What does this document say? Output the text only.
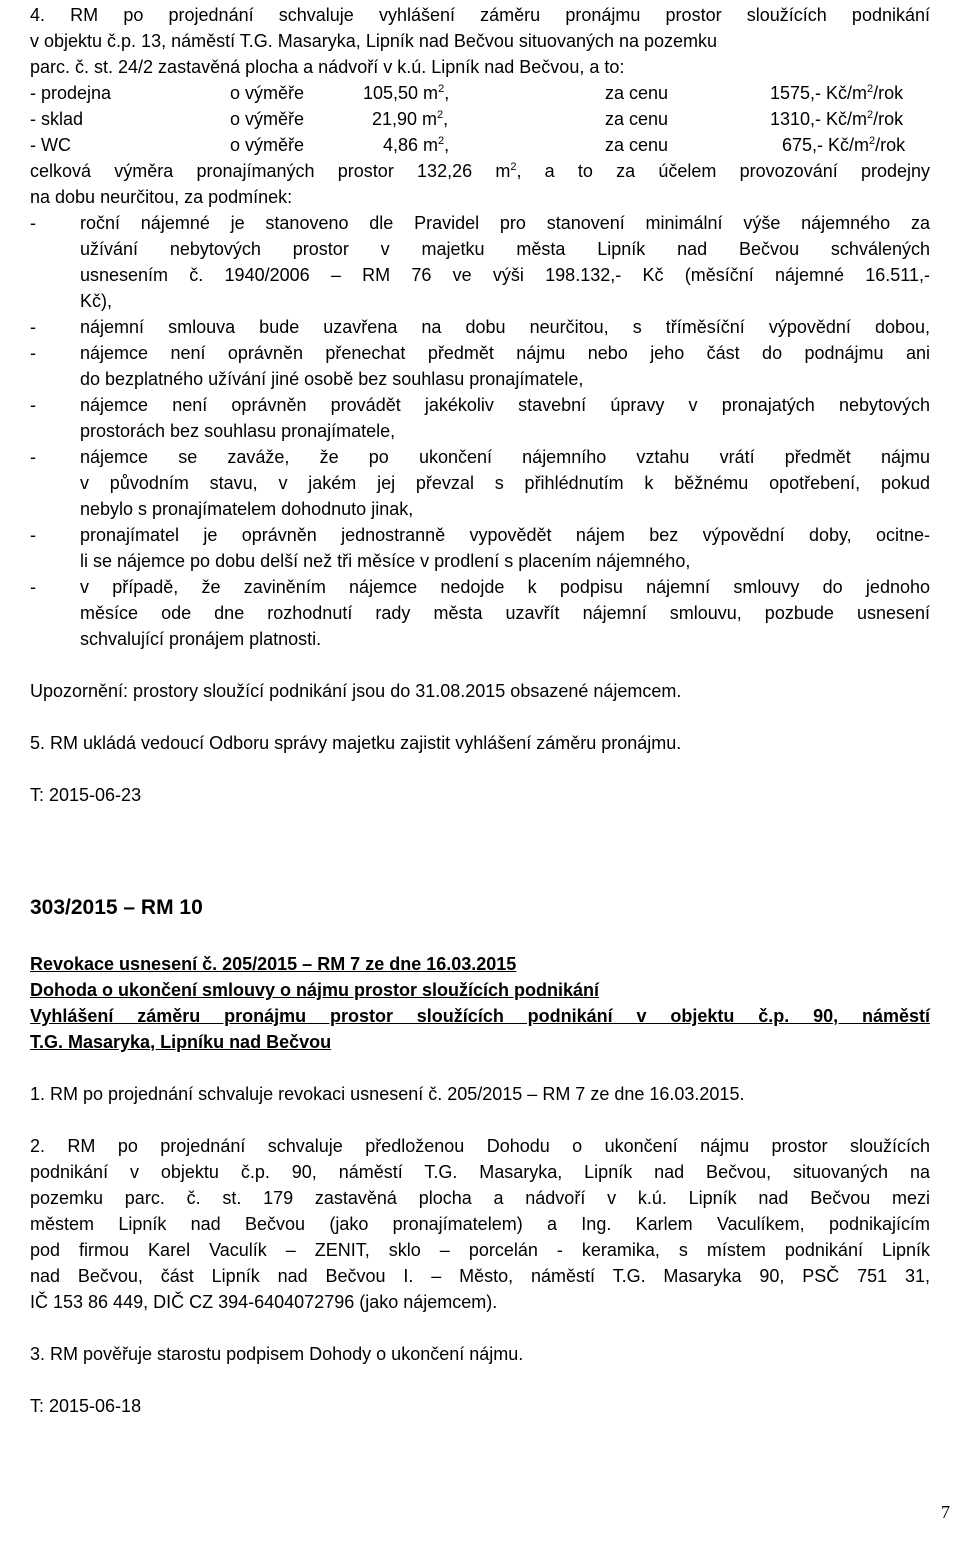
4. RM po projednání schvaluje vyhlášení záměru pronájmu prostor sloužících podnikání
v objektu č.p. 13, náměstí T.G. Masaryka, Lipník nad Bečvou situovaných na pozemku
parc. č. st. 24/2 zastavěná plocha a nádvoří v k.ú. Lipník nad Bečvou, a to:
- prodejna	o výměře	105,50 $m^2$,	za cenu	1575,- $Kč/m^2$/rok
- sklad	o výměře	21,90 $m^2$,	za cenu	1310,- $Kč/m^2$/rok
- WC	o výměře	4,86 $m^2$,	za cenu	675,- $Kč/m^2$/rok
celková výměra pronajímaných prostor 132,26 $m^2$, a to za účelem provozování prodejny
na dobu neurčitou, za podmínek:
- roční nájemné je stanoveno dle Pravidel pro stanovení minimální výše nájemného za
užívání nebytových prostor v majetku města Lipník nad Bečvou schválených
usnesením č. 1940/2006 – RM 76 ve výši 198.132,- Kč (měsíční nájemné 16.511,-
Kč),
- nájemní smlouva bude uzavřena na dobu neurčitou, s tříměsíční výpovědní dobou,
- nájemce není oprávněn přenechat předmět nájmu nebo jeho část do podnájmu ani
do bezplatného užívání jiné osobě bez souhlasu pronajímatele,
- nájemce není oprávněn provádět jakékoliv stavební úpravy v pronajatých nebytových
prostorách bez souhlasu pronajímatele,
- nájemce se zaváže, že po ukončení nájemního vztahu vrátí předmět nájmu
v původním stavu, v jakém jej převzal s přihlédnutím k běžnému opotřebení, pokud
nebylo s pronajímatelem dohodnuto jinak,
- pronajímatel je oprávněn jednostranně vypovědět nájem bez výpovědní doby, ocitne-
li se nájemce po dobu delší než tři měsíce v prodlení s placením nájemného,
- v případě, že zaviněním nájemce nedojde k podpisu nájemní smlouvy do jednoho
měsíce ode dne rozhodnutí rady města uzavřít nájemní smlouvu, pozbude usnesení
schvalující pronájem platnosti.
Upozornění: prostory sloužící podnikání jsou do 31.08.2015 obsazené nájemcem.
5. RM ukládá vedoucí Odboru správy majetku zajistit vyhlášení záměru pronájmu.
T: 2015-06-23
303/2015 – RM 10
Revokace usnesení č. 205/2015 – RM 7 ze dne 16.03.2015
Dohoda o ukončení smlouvy o nájmu prostor sloužících podnikání
Vyhlášení záměru pronájmu prostor sloužících podnikání v objektu č.p. 90, náměstí
T.G. Masaryka, Lipníku nad Bečvou
1. RM po projednání schvaluje revokaci usnesení č. 205/2015 – RM 7 ze dne 16.03.2015.
2. RM po projednání schvaluje předloženou Dohodu o ukončení nájmu prostor sloužících
podnikání v objektu č.p. 90, náměstí T.G. Masaryka, Lipník nad Bečvou, situovaných na
pozemku parc. č. st. 179 zastavěná plocha a nádvoří v k.ú. Lipník nad Bečvou mezi
městem Lipník nad Bečvou (jako pronajímatelem) a Ing. Karlem Vaculíkem, podnikajícím
pod firmou Karel Vaculík – ZENIT, sklo – porcelán - keramika, s místem podnikání Lipník
nad Bečvou, část Lipník nad Bečvou I. – Město, náměstí T.G. Masaryka 90, PSČ 751 31,
IČ 153 86 449, DIČ CZ 394-6404072796 (jako nájemcem).
3. RM pověřuje starostu podpisem Dohody o ukončení nájmu.
T: 2015-06-18
7
